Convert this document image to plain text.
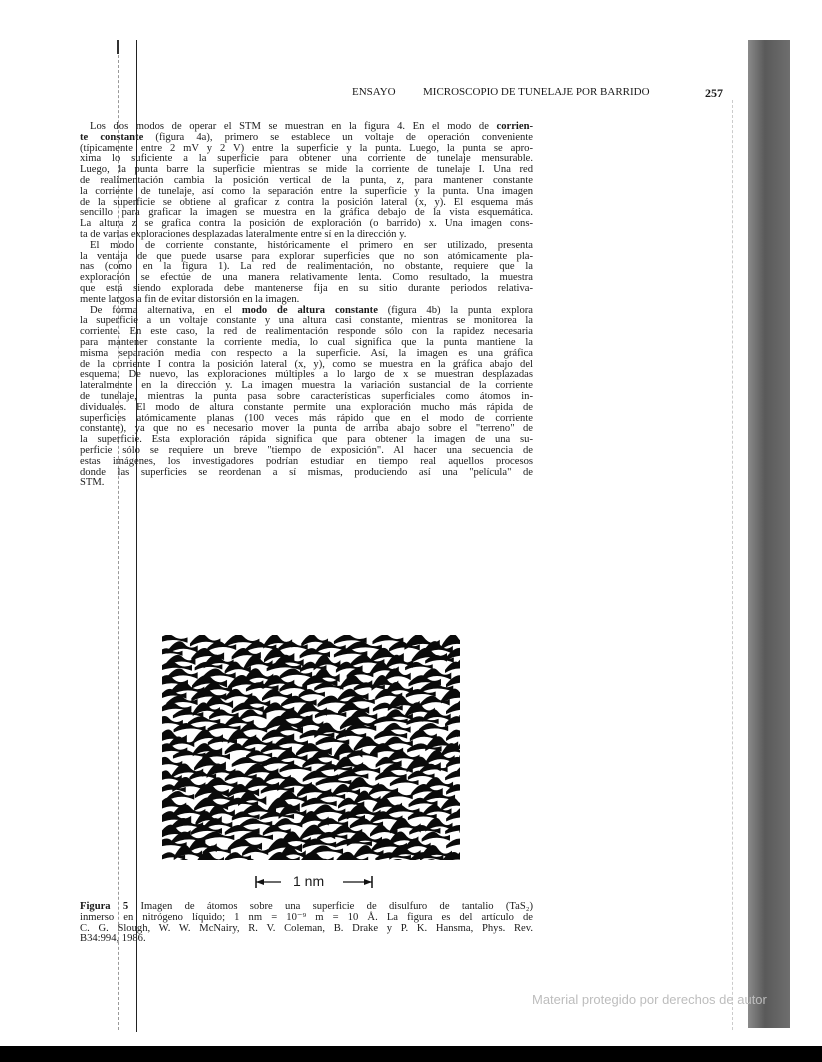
ENSAYO MICROSCOPIO DE TUNELAJE POR BARRIDO	257
Los dos modos de operar el STM se muestran en la figura 4. En el modo de corrien-
te constante (figura 4a), primero se establece un voltaje de operación conveniente
(típicamente entre 2 mV y 2 V) entre la superficie y la punta. Luego, la punta se apro-
xima lo suficiente a la superficie para obtener una corriente de tunelaje mensurable.
Luego, la punta barre la superficie mientras se mide la corriente de tunelaje I. Una red
de realimentación cambia la posición vertical de la punta, z, para mantener constante
la corriente de tunelaje, así como la separación entre la superficie y la punta. Una imagen
de la superficie se obtiene al graficar z contra la posición lateral (x, y). El esquema más
sencillo para graficar la imagen se muestra en la gráfica debajo de la vista esquemática.
La altura z se grafica contra la posición de exploración (o barrido) x. Una imagen cons-
ta de varias exploraciones desplazadas lateralmente entre sí en la dirección y.
El modo de corriente constante, históricamente el primero en ser utilizado, presenta
la ventaja de que puede usarse para explorar superficies que no son atómicamente pla-
nas (como en la figura 1). La red de realimentación, no obstante, requiere que la
exploración se efectúe de una manera relativamente lenta. Como resultado, la muestra
que está siendo explorada debe mantenerse fija en su sitio durante periodos relativa-
mente largos a fin de evitar distorsión en la imagen.
De forma alternativa, en el modo de altura constante (figura 4b) la punta explora
la superficie a un voltaje constante y una altura casi constante, mientras se monitorea la
corriente. En este caso, la red de realimentación responde sólo con la rapidez necesaria
para mantener constante la corriente media, lo cual significa que la punta mantiene la
misma separación media con respecto a la superficie. Así, la imagen es una gráfica
de la corriente I contra la posición lateral (x, y), como se muestra en la gráfica abajo del
esquema. De nuevo, las exploraciones múltiples a lo largo de x se muestran desplazadas
lateralmente en la dirección y. La imagen muestra la variación sustancial de la corriente
de tunelaje, mientras la punta pasa sobre características superficiales como átomos in-
dividuales. El modo de altura constante permite una exploración mucho más rápida de
superficies atómicamente planas (100 veces más rápido que en el modo de corriente
constante), ya que no es necesario mover la punta de arriba abajo sobre el "terreno" de
la superficie. Esta exploración rápida significa que para obtener la imagen de una su-
perficie sólo se requiere un breve "tiempo de exposición". Al hacer una secuencia de
estas imágenes, los investigadores podrían estudiar en tiempo real aquellos procesos
donde las superficies se reordenan a sí mismas, produciendo así una "película" de
STM.
1 nm
Figura 5 Imagen de átomos sobre una superficie de disulfuro de tantalio (TaS₂)
inmerso en nitrógeno líquido; 1 nm = 10⁻⁹ m = 10 Å. La figura es del artículo de
C. G. Slough, W. W. McNairy, R. V. Coleman, B. Drake y P. K. Hansma, Phys. Rev.
B34:994, 1986.
Material protegido por derechos de autor
